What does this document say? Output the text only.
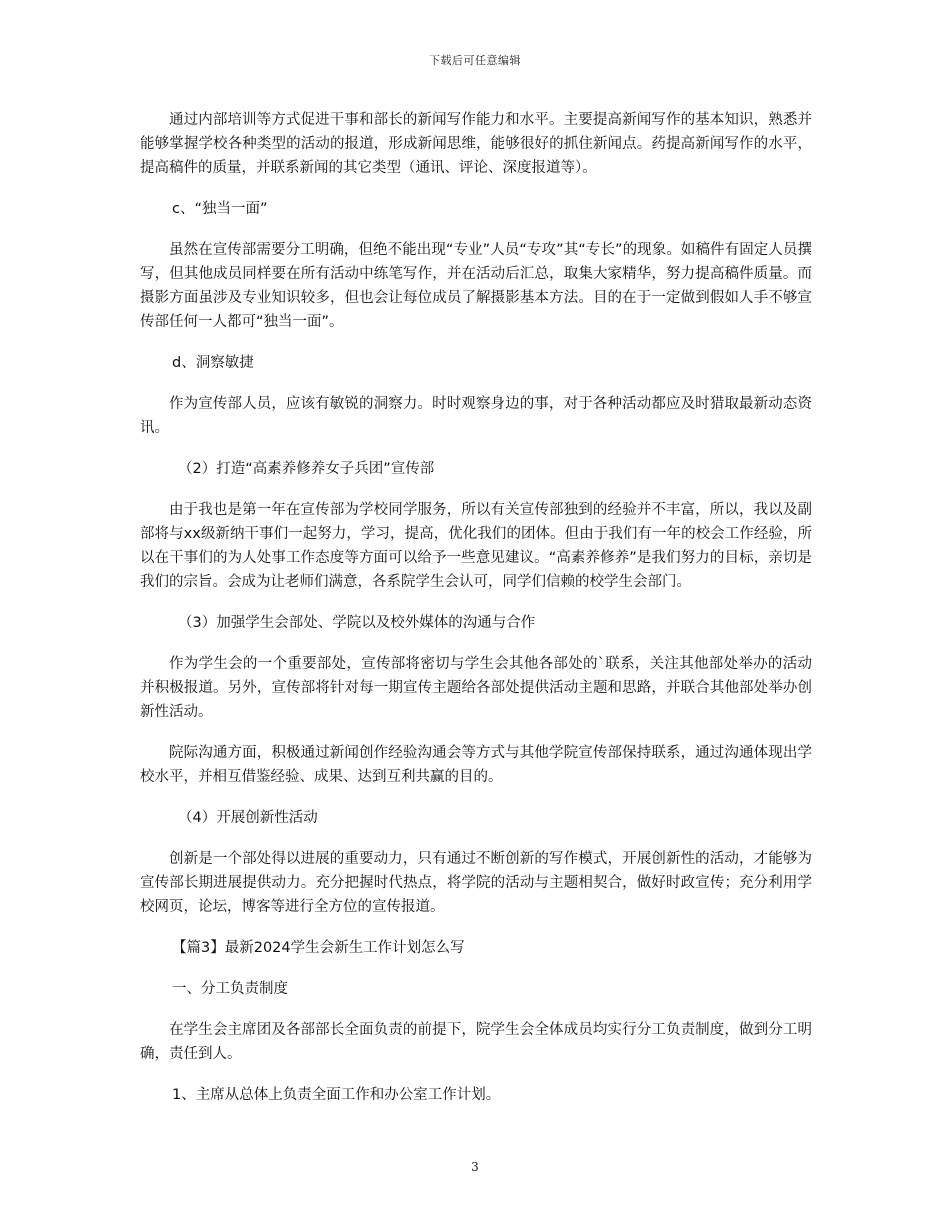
下载后可任意编辑

通过内部培训等方式促进干事和部长的新闻写作能力和水平。主要提高新闻写作的基本知识，熟悉并能够掌握学校各种类型的活动的报道，形成新闻思维，能够很好的抓住新闻点。药提高新闻写作的水平，提高稿件的质量，并联系新闻的其它类型（通讯、评论、深度报道等）。

c、“独当一面”

虽然在宣传部需要分工明确，但绝不能出现“专业”人员“专攻”其“专长”的现象。如稿件有固定人员撰写，但其他成员同样要在所有活动中练笔写作，并在活动后汇总，取集大家精华，努力提高稿件质量。而摄影方面虽涉及专业知识较多，但也会让每位成员了解摄影基本方法。目的在于一定做到假如人手不够宣传部任何一人都可“独当一面”。

d、洞察敏捷

作为宣传部人员，应该有敏锐的洞察力。时时观察身边的事，对于各种活动都应及时猎取最新动态资讯。

（2）打造“高素养修养女子兵团”宣传部

由于我也是第一年在宣传部为学校同学服务，所以有关宣传部独到的经验并不丰富，所以，我以及副部将与xx级新纳干事们一起努力，学习，提高，优化我们的团体。但由于我们有一年的校会工作经验，所以在干事们的为人处事工作态度等方面可以给予一些意见建议。“高素养修养”是我们努力的目标，亲切是我们的宗旨。会成为让老师们满意，各系院学生会认可，同学们信赖的校学生会部门。

（3）加强学生会部处、学院以及校外媒体的沟通与合作

作为学生会的一个重要部处，宣传部将密切与学生会其他各部处的`联系，关注其他部处举办的活动并积极报道。另外，宣传部将针对每一期宣传主题给各部处提供活动主题和思路，并联合其他部处举办创新性活动。

院际沟通方面，积极通过新闻创作经验沟通会等方式与其他学院宣传部保持联系，通过沟通体现出学校水平，并相互借鉴经验、成果、达到互利共赢的目的。

（4）开展创新性活动

创新是一个部处得以进展的重要动力，只有通过不断创新的写作模式，开展创新性的活动，才能够为宣传部长期进展提供动力。充分把握时代热点，将学院的活动与主题相契合，做好时政宣传；充分利用学校网页，论坛，博客等进行全方位的宣传报道。

【篇3】最新2024学生会新生工作计划怎么写

一、分工负责制度

在学生会主席团及各部部长全面负责的前提下，院学生会全体成员均实行分工负责制度，做到分工明确，责任到人。

1、主席从总体上负责全面工作和办公室工作计划。

3
